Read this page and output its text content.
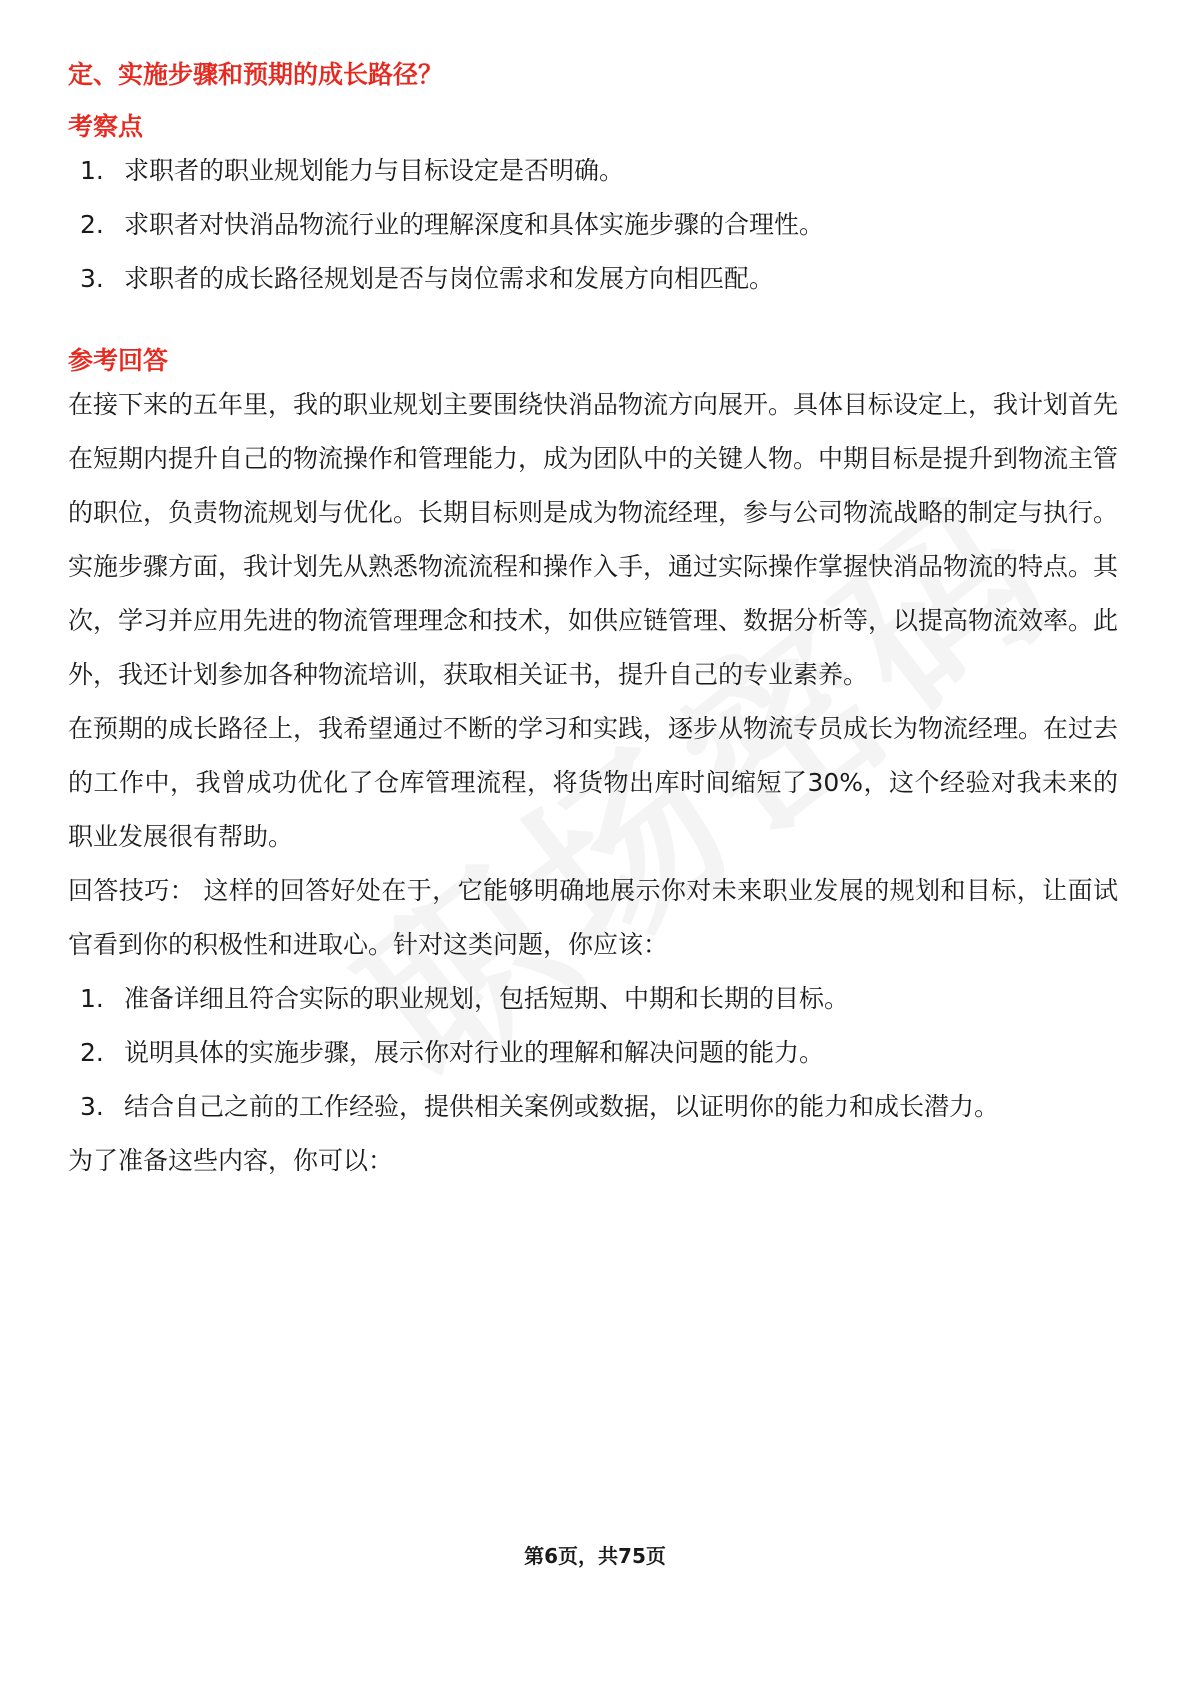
定、实施步骤和预期的成长路径？
考察点
1. 求职者的职业规划能力与目标设定是否明确。
2. 求职者对快消品物流行业的理解深度和具体实施步骤的合理性。
3. 求职者的成长路径规划是否与岗位需求和发展方向相匹配。
参考回答

在接下来的五年里，我的职业规划主要围绕快消品物流方向展开。具体目标设定上，我计划首先在短期内提升自己的物流操作和管理能力，成为团队中的关键人物。中期目标是提升到物流主管的职位，负责物流规划与优化。长期目标则是成为物流经理，参与公司物流战略的制定与执行。

实施步骤方面，我计划先从熟悉物流流程和操作入手，通过实际操作掌握快消品物流的特点。其次，学习并应用先进的物流管理理念和技术，如供应链管理、数据分析等，以提高物流效率。此外，我还计划参加各种物流培训，获取相关证书，提升自己的专业素养。

在预期的成长路径上，我希望通过不断的学习和实践，逐步从物流专员成长为物流经理。在过去的工作中，我曾成功优化了仓库管理流程，将货物出库时间缩短了30%，这个经验对我未来的职业发展很有帮助。

回答技巧： 这样的回答好处在于，它能够明确地展示你对未来职业发展的规划和目标，让面试官看到你的积极性和进取心。针对这类问题，你应该：

1. 准备详细且符合实际的职业规划，包括短期、中期和长期的目标。
2. 说明具体的实施步骤，展示你对行业的理解和解决问题的能力。
3. 结合自己之前的工作经验，提供相关案例或数据，以证明你的能力和成长潜力。

为了准备这些内容，你可以：

第6页，共75页
